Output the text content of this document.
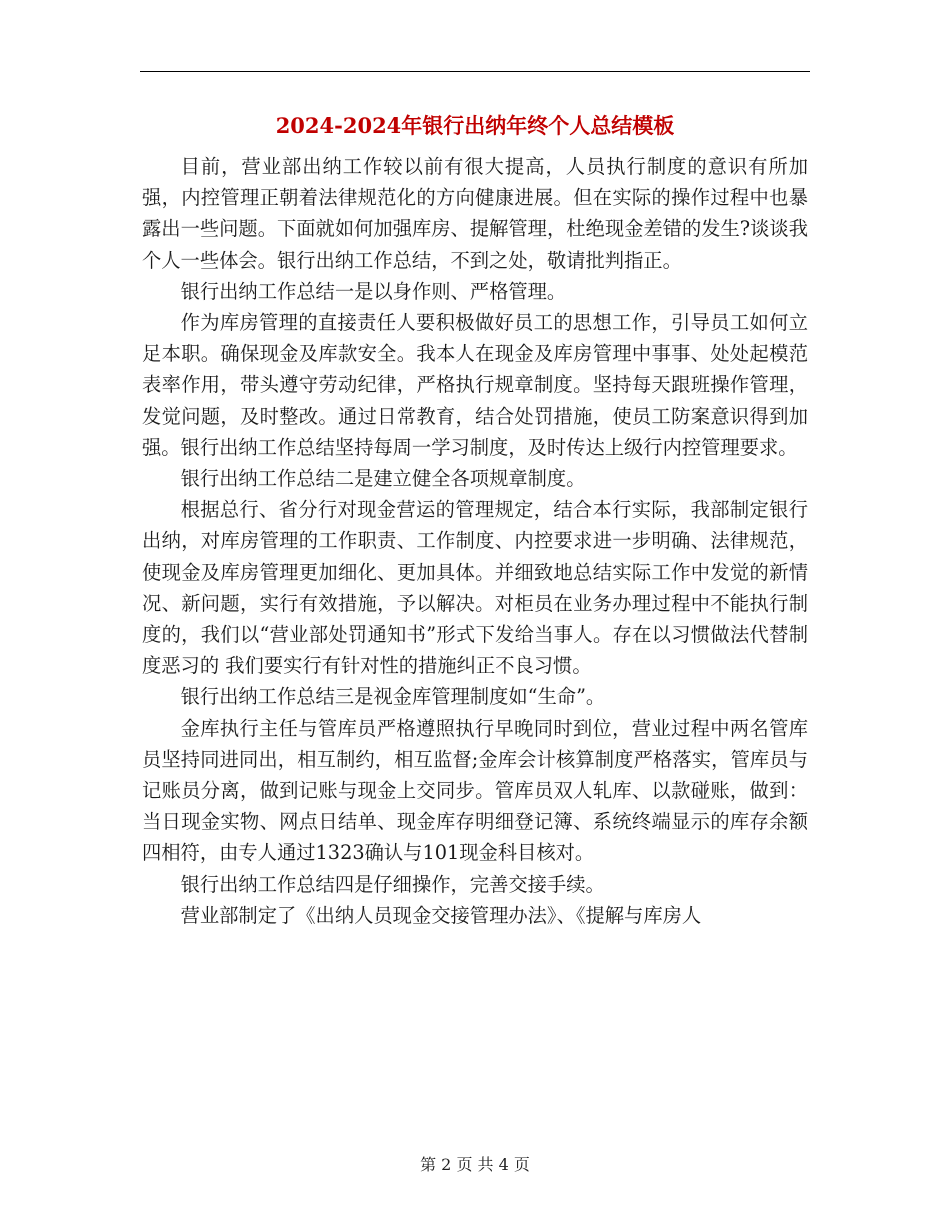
2024-2024年银行出纳年终个人总结模板

目前，营业部出纳工作较以前有很大提高，人员执行制度的意识有所加强，内控管理正朝着法律规范化的方向健康进展。但在实际的操作过程中也暴露出一些问题。下面就如何加强库房、提解管理，杜绝现金差错的发生?谈谈我个人一些体会。银行出纳工作总结，不到之处，敬请批判指正。

银行出纳工作总结一是以身作则、严格管理。

作为库房管理的直接责任人要积极做好员工的思想工作，引导员工如何立足本职。确保现金及库款安全。我本人在现金及库房管理中事事、处处起模范表率作用，带头遵守劳动纪律，严格执行规章制度。坚持每天跟班操作管理，发觉问题，及时整改。通过日常教育，结合处罚措施，使员工防案意识得到加强。银行出纳工作总结坚持每周一学习制度，及时传达上级行内控管理要求。

银行出纳工作总结二是建立健全各项规章制度。

根据总行、省分行对现金营运的管理规定，结合本行实际，我部制定银行出纳，对库房管理的工作职责、工作制度、内控要求进一步明确、法律规范，使现金及库房管理更加细化、更加具体。并细致地总结实际工作中发觉的新情况、新问题，实行有效措施，予以解决。对柜员在业务办理过程中不能执行制度的，我们以“营业部处罚通知书”形式下发给当事人。存在以习惯做法代替制度恶习的 我们要实行有针对性的措施纠正不良习惯。

银行出纳工作总结三是视金库管理制度如“生命”。

金库执行主任与管库员严格遵照执行早晚同时到位，营业过程中两名管库员坚持同进同出，相互制约，相互监督;金库会计核算制度严格落实，管库员与记账员分离，做到记账与现金上交同步。管库员双人轧库、以款碰账，做到：当日现金实物、网点日结单、现金库存明细登记簿、系统终端显示的库存余额四相符，由专人通过1323确认与101现金科目核对。

银行出纳工作总结四是仔细操作，完善交接手续。

营业部制定了《出纳人员现金交接管理办法》、《提解与库房人

第 2 页 共 4 页
